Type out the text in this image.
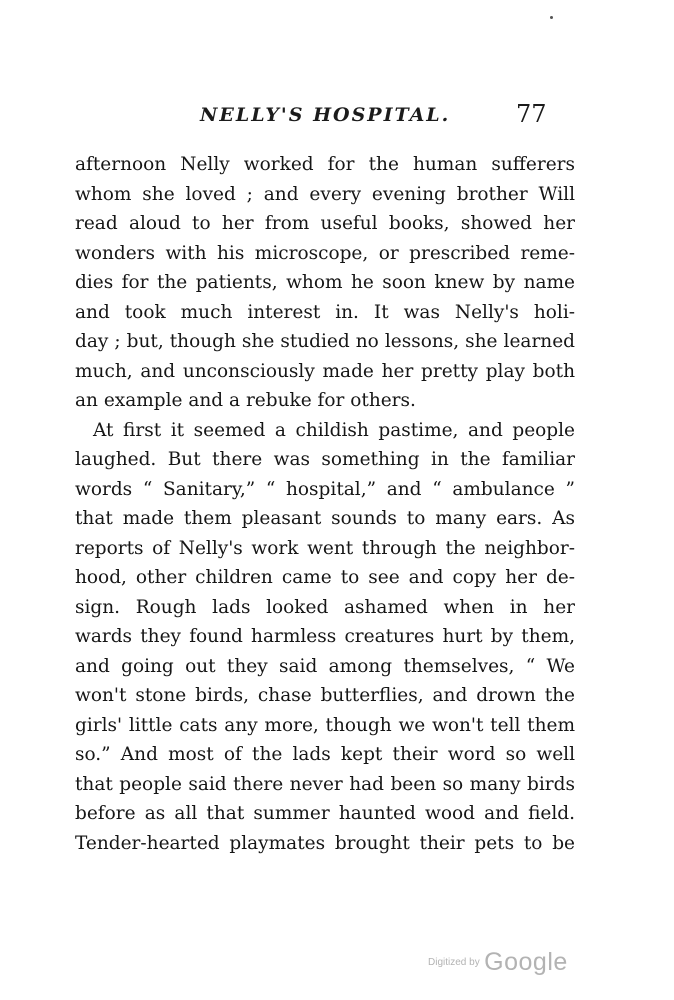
NELLY'S HOSPITAL.	77
afternoon Nelly worked for the human sufferers
whom she loved ; and every evening brother Will
read aloud to her from useful books, showed her
wonders with his microscope, or prescribed reme-
dies for the patients, whom he soon knew by name
and took much interest in. It was Nelly's holi-
day ; but, though she studied no lessons, she learned
much, and unconsciously made her pretty play both
an example and a rebuke for others.
At first it seemed a childish pastime, and people
laughed. But there was something in the familiar
words “ Sanitary,” “ hospital,” and “ ambulance ”
that made them pleasant sounds to many ears. As
reports of Nelly's work went through the neighbor-
hood, other children came to see and copy her de-
sign. Rough lads looked ashamed when in her
wards they found harmless creatures hurt by them,
and going out they said among themselves, “ We
won't stone birds, chase butterflies, and drown the
girls' little cats any more, though we won't tell them
so.” And most of the lads kept their word so well
that people said there never had been so many birds
before as all that summer haunted wood and field.
Tender-hearted playmates brought their pets to be
Digitized by Google
